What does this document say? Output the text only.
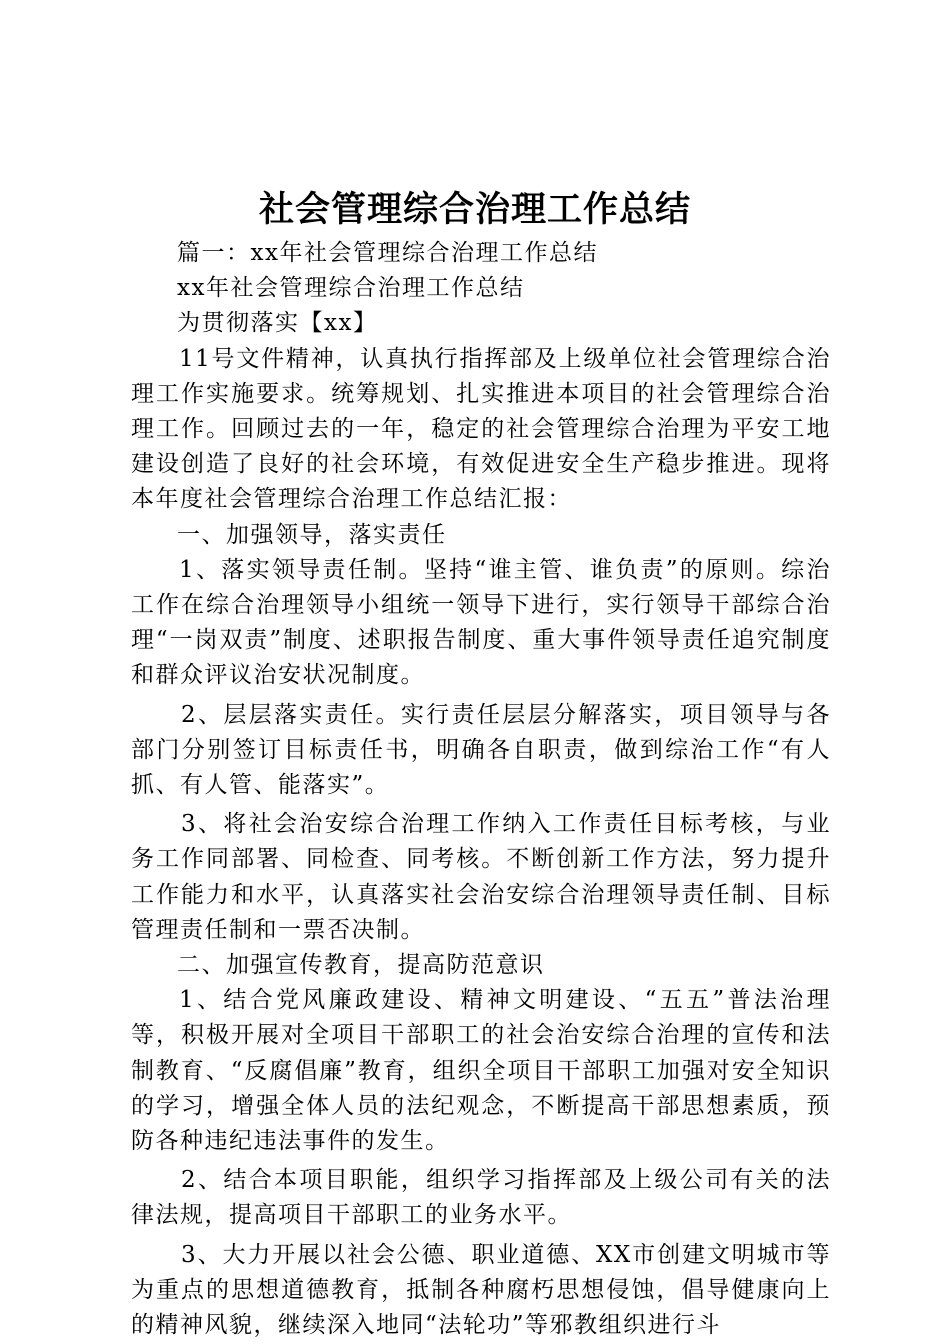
社会管理综合治理工作总结

篇一：xx年社会管理综合治理工作总结

xx年社会管理综合治理工作总结

为贯彻落实【xx】

11号文件精神，认真执行指挥部及上级单位社会管理综合治理工作实施要求。统筹规划、扎实推进本项目的社会管理综合治理工作。回顾过去的一年，稳定的社会管理综合治理为平安工地建设创造了良好的社会环境，有效促进安全生产稳步推进。现将本年度社会管理综合治理工作总结汇报：

一、加强领导，落实责任

1、落实领导责任制。坚持“谁主管、谁负责”的原则。综治工作在综合治理领导小组统一领导下进行，实行领导干部综合治理“一岗双责”制度、述职报告制度、重大事件领导责任追究制度和群众评议治安状况制度。

2、层层落实责任。实行责任层层分解落实，项目领导与各部门分别签订目标责任书，明确各自职责，做到综治工作“有人抓、有人管、能落实”。

3、将社会治安综合治理工作纳入工作责任目标考核，与业务工作同部署、同检查、同考核。不断创新工作方法，努力提升工作能力和水平，认真落实社会治安综合治理领导责任制、目标管理责任制和一票否决制。

二、加强宣传教育，提高防范意识

1、结合党风廉政建设、精神文明建设、“五五”普法治理等，积极开展对全项目干部职工的社会治安综合治理的宣传和法制教育、“反腐倡廉”教育，组织全项目干部职工加强对安全知识的学习，增强全体人员的法纪观念，不断提高干部思想素质，预防各种违纪违法事件的发生。

2、结合本项目职能，组织学习指挥部及上级公司有关的法律法规，提高项目干部职工的业务水平。

3、大力开展以社会公德、职业道德、XX市创建文明城市等为重点的思想道德教育，抵制各种腐朽思想侵蚀，倡导健康向上的精神风貌，继续深入地同“法轮功”等邪教组织进行斗
